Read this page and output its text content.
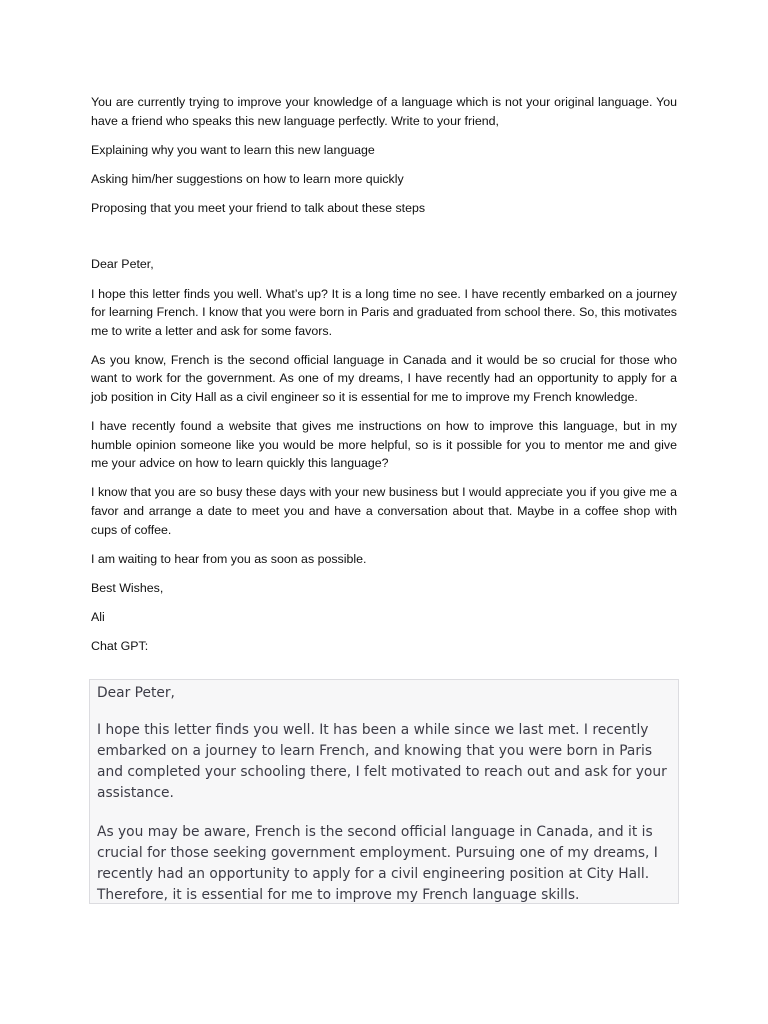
You are currently trying to improve your knowledge of a language which is not your original language. You have a friend who speaks this new language perfectly. Write to your friend,

Explaining why you want to learn this new language

Asking him/her suggestions on how to learn more quickly

Proposing that you meet your friend to talk about these steps

Dear Peter,

I hope this letter finds you well. What’s up? It is a long time no see. I have recently embarked on a journey for learning French. I know that you were born in Paris and graduated from school there. So, this motivates me to write a letter and ask for some favors.

As you know, French is the second official language in Canada and it would be so crucial for those who want to work for the government. As one of my dreams, I have recently had an opportunity to apply for a job position in City Hall as a civil engineer so it is essential for me to improve my French knowledge.

I have recently found a website that gives me instructions on how to improve this language, but in my humble opinion someone like you would be more helpful, so is it possible for you to mentor me and give me your advice on how to learn quickly this language?

I know that you are so busy these days with your new business but I would appreciate you if you give me a favor and arrange a date to meet you and have a conversation about that. Maybe in a coffee shop with cups of coffee.

I am waiting to hear from you as soon as possible.

Best Wishes,

Ali

Chat GPT:

Dear Peter,

I hope this letter finds you well. It has been a while since we last met. I recently embarked on a journey to learn French, and knowing that you were born in Paris and completed your schooling there, I felt motivated to reach out and ask for your assistance.

As you may be aware, French is the second official language in Canada, and it is crucial for those seeking government employment. Pursuing one of my dreams, I recently had an opportunity to apply for a civil engineering position at City Hall. Therefore, it is essential for me to improve my French language skills.
